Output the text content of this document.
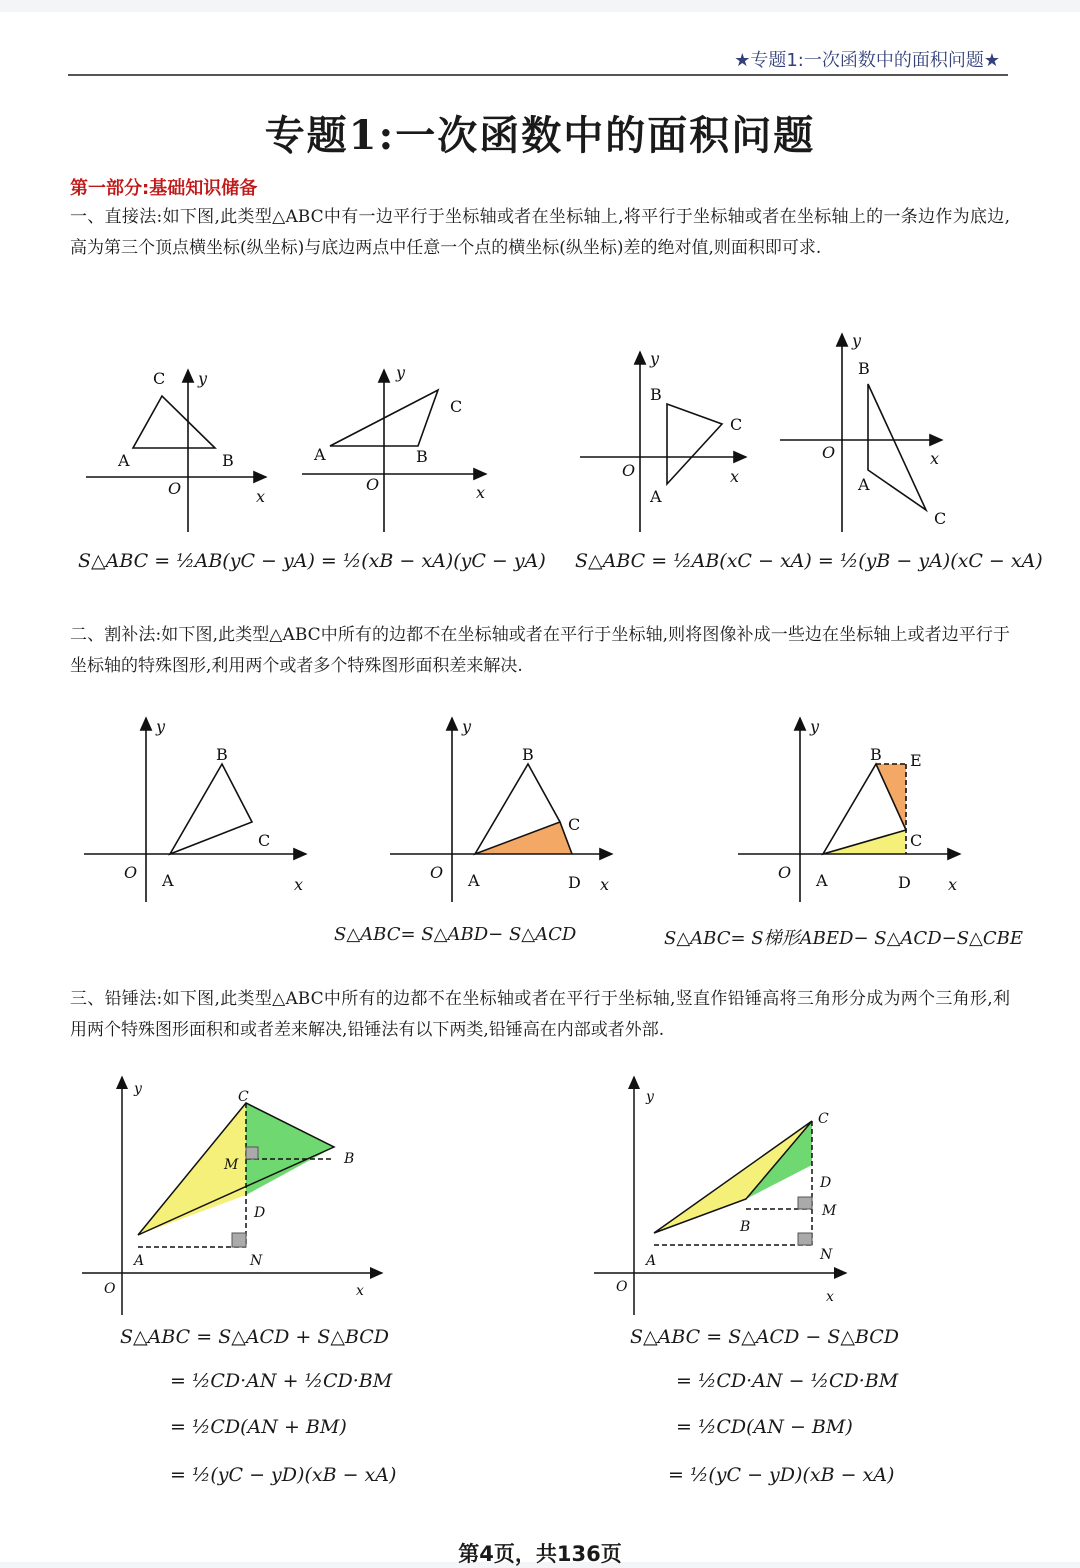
★专题1:一次函数中的面积问题★
专题1:一次函数中的面积问题
第一部分:基础知识储备
一、直接法:如下图,此类型△ABC中有一边平行于坐标轴或者在坐标轴上,将平行于坐标轴或者在坐标轴上的一条边作为底边,高为第三个顶点横坐标(纵坐标)与底边两点中任意一个点的横坐标(纵坐标)差的绝对值,则面积即可求.
C y
A	B
O	x
y
C
A	B
O	x
y
B
C
O	x
A
y
B
O	x
A
C
S△ABC = ½AB(yC − yA) = ½(xB − xA)(yC − yA) S△ABC = ½AB(xC − xA) = ½(yB − yA)(xC − xA)
二、割补法:如下图,此类型△ABC中所有的边都不在坐标轴或者在平行于坐标轴,则将图像补成一些边在坐标轴上或者边平行于坐标轴的特殊图形,利用两个或者多个特殊图形面积差来解决.
y
B
C
O A	x
y
B
C
O A	D x
y
B E
C
O A	D x
S△ABC= S△ABD− S△ACD	S△ABC= S梯形ABED− S△ACD−S△CBE
三、铅锤法:如下图,此类型△ABC中所有的边都不在坐标轴或者在平行于坐标轴,竖直作铅锤高将三角形分成为两个三角形,利用两个特殊图形面积和或者差来解决,铅锤法有以下两类,铅锤高在内部或者外部.
y	C
B
M
D
A	N
O	x
y
C
D
M
B
A	N
O
x
S△ABC = S△ACD + S△BCD
= ½CD·AN + ½CD·BM
= ½CD(AN + BM)
= ½(yC − yD)(xB − xA)
S△ABC = S△ACD − S△BCD
= ½CD·AN − ½CD·BM
= ½CD(AN − BM)
= ½(yC − yD)(xB − xA)
第4页，共136页
